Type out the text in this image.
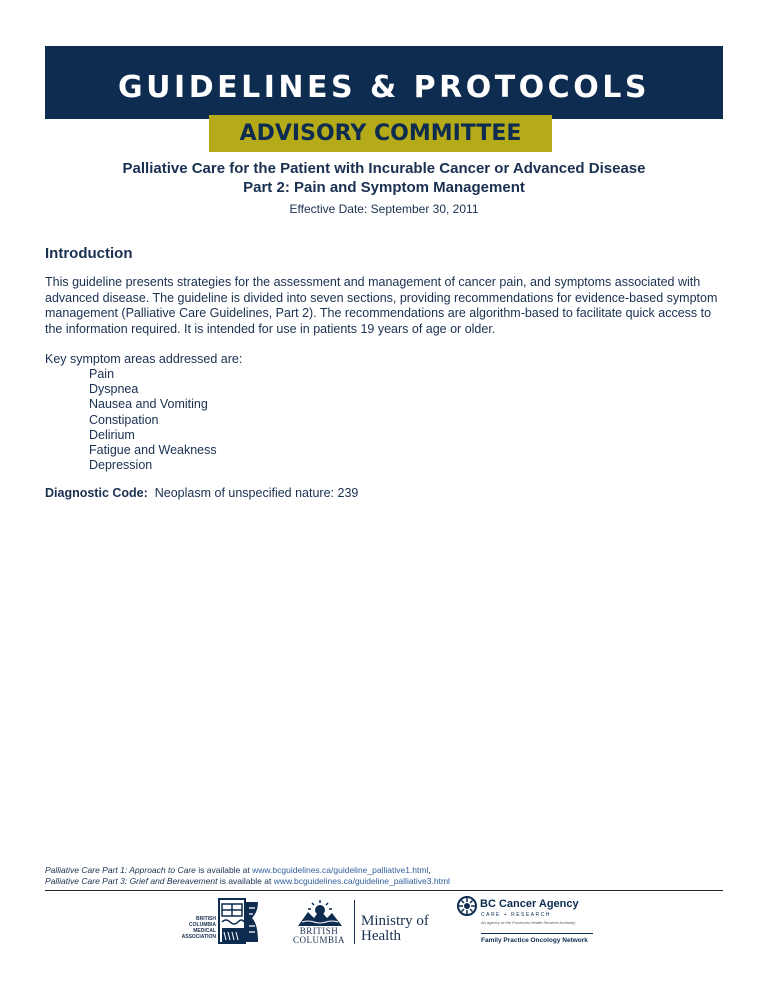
GUIDELINES & PROTOCOLS
ADVISORY COMMITTEE
Palliative Care for the Patient with Incurable Cancer or Advanced Disease
Part 2: Pain and Symptom Management
Effective Date: September 30, 2011
Introduction
This guideline presents strategies for the assessment and management of cancer pain, and symptoms associated with advanced disease. The guideline is divided into seven sections, providing recommendations for evidence-based symptom management (Palliative Care Guidelines, Part 2). The recommendations are algorithm-based to facilitate quick access to the information required. It is intended for use in patients 19 years of age or older.
Key symptom areas addressed are:
Pain
Dyspnea
Nausea and Vomiting
Constipation
Delirium
Fatigue and Weakness
Depression
Diagnostic Code: Neoplasm of unspecified nature: 239
Palliative Care Part 1: Approach to Care is available at www.bcguidelines.ca/guideline_palliative1.html,
Palliative Care Part 3: Grief and Bereavement is available at www.bcguidelines.ca/guideline_palliative3.html
BRITISH
COLUMBIA
MEDICAL
ASSOCIATION
BRITISH
COLUMBIA
Ministry of
Health
BC Cancer Agency
CARE + RESEARCH
An agency of the Provincial Health Services Authority
Family Practice Oncology Network
